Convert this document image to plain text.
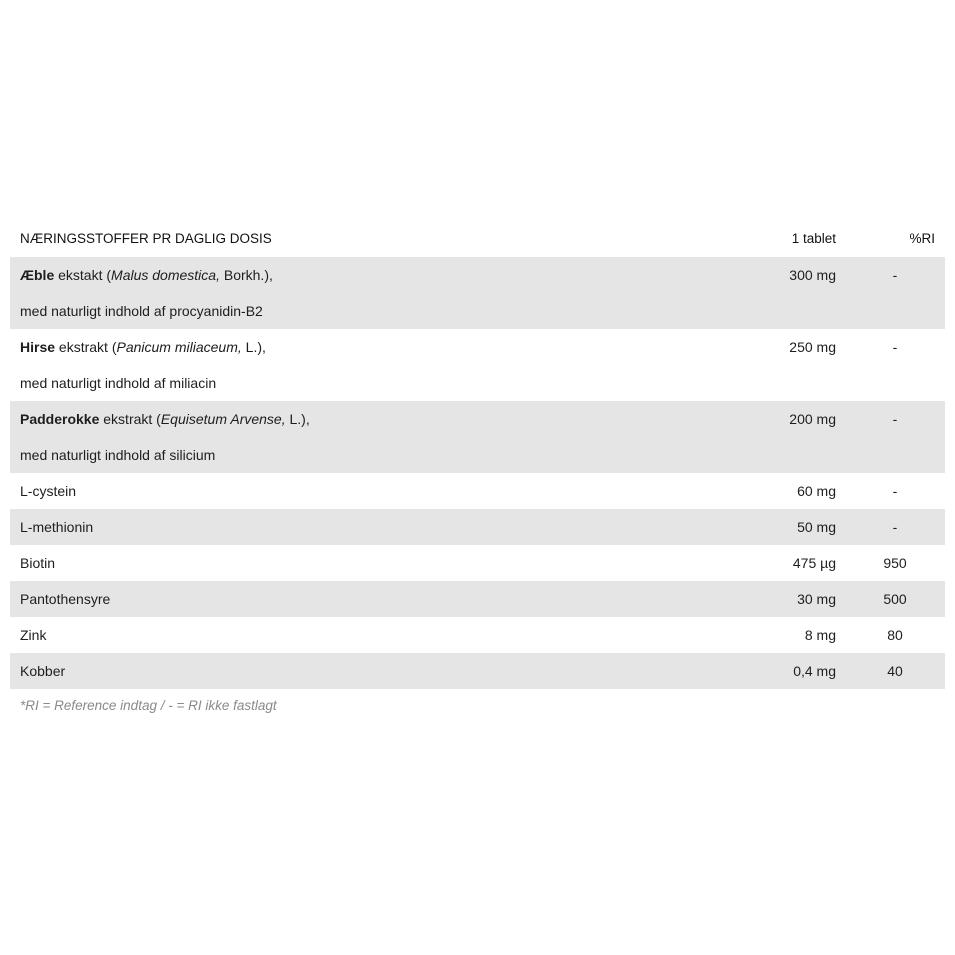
NÆRINGSSTOFFER PR DAGLIG DOSIS	1 tablet	%RI
Æble ekstakt (Malus domestica, Borkh.),
med naturligt indhold af procyanidin-B2
300 mg	-
Hirse ekstrakt (Panicum miliaceum, L.),
med naturligt indhold af miliacin
250 mg	-
Padderokke ekstrakt (Equisetum Arvense, L.),
med naturligt indhold af silicium
200 mg	-
L-cystein	60 mg	-
L-methionin	50 mg	-
Biotin	475 µg	950
Pantothensyre	30 mg	500
Zink	8 mg	80
Kobber	0,4 mg	40
*RI = Reference indtag / - = RI ikke fastlagt
